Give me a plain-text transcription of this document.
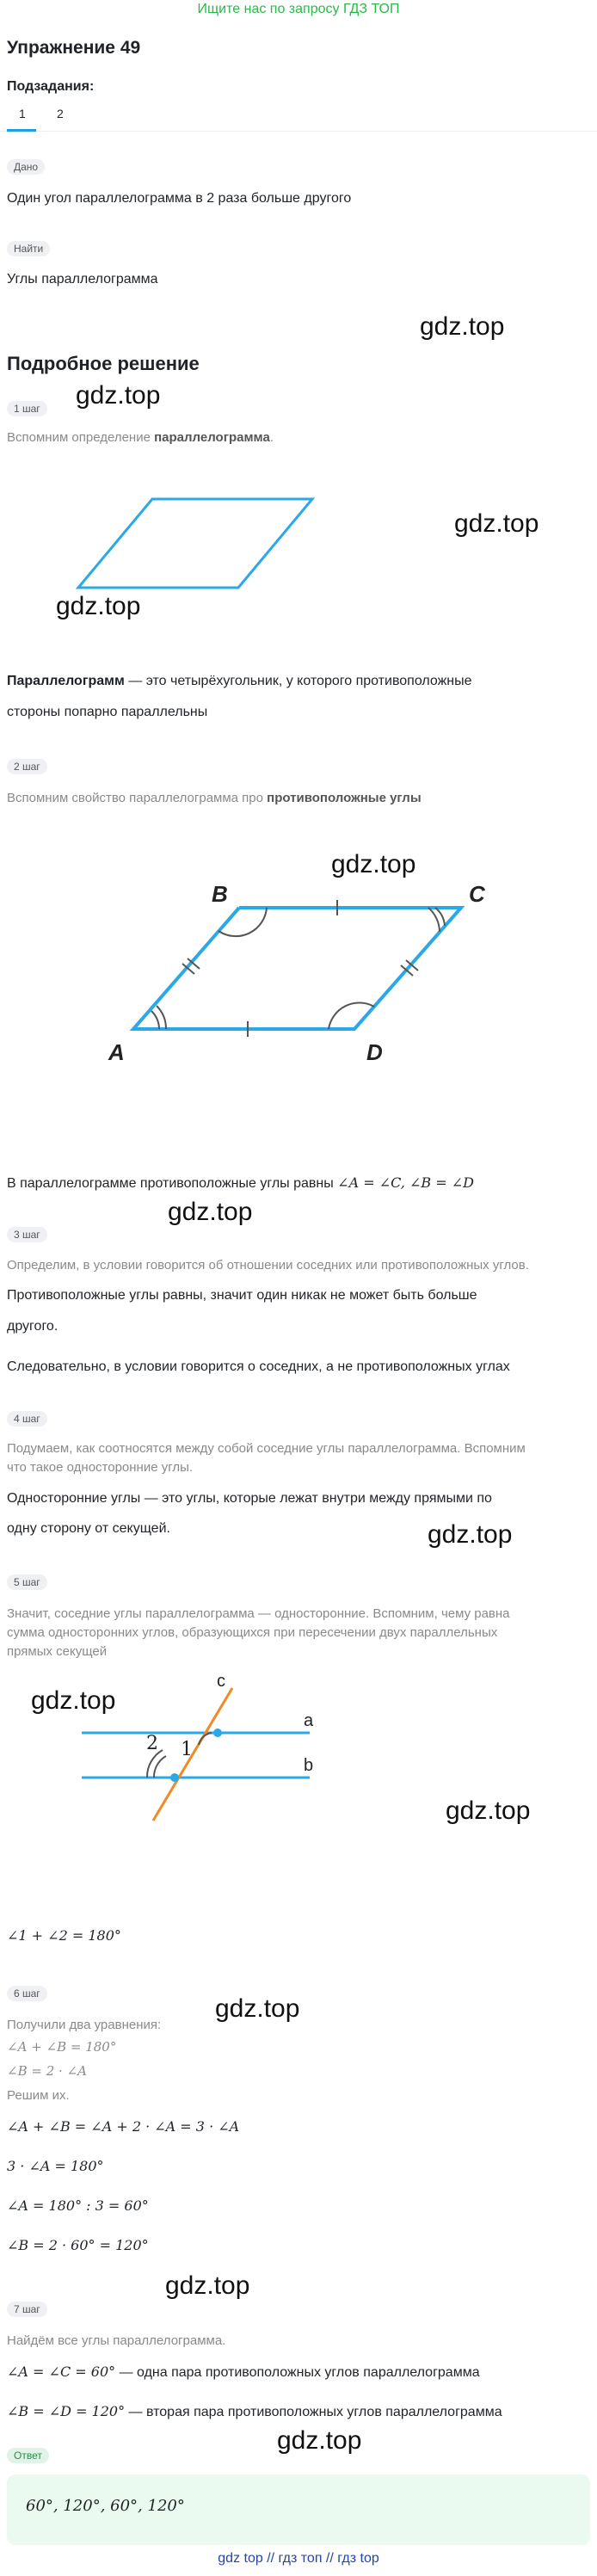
Ищите нас по запросу ГДЗ ТОП
Упражнение 49
Подзадания:
1	2
Дано
Один угол параллелограмма в 2 раза больше другого
Найти
Углы параллелограмма
gdz.top
Подробное решение
gdz.top
1 шаг
Вспомним определение параллелограмма.
gdz.top
gdz.top
Параллелограмм — это четырёхугольник, у которого противоположные
стороны попарно параллельны
2 шаг
Вспомним свойство параллелограмма про противоположные углы
gdz.top
B	C
A	D
В параллелограмме противоположные углы равны ∠A = ∠C, ∠B = ∠D
gdz.top
3 шаг
Определим, в условии говорится об отношении соседних или противоположных углов.
Противоположные углы равны, значит один никак не может быть больше
другого.
Следовательно, в условии говорится о соседних, а не противоположных углах
4 шаг
Подумаем, как соотносятся между собой соседние углы параллелограмма. Вспомним
что такое односторонние углы.
Односторонние углы — это углы, которые лежат внутри между прямыми по
одну сторону от секущей.	gdz.top
5 шаг
Значит, соседние углы параллелограмма — односторонние. Вспомним, чему равна
сумма односторонних углов, образующихся при пересечении двух параллельных
прямых секущей
gdz.top
c
a
b
1
2
gdz.top
∠1 + ∠2 = 180°
6 шаг
gdz.top
Получили два уравнения:
∠A + ∠B = 180°
∠B = 2 · ∠A
Решим их.
∠A + ∠B = ∠A + 2 · ∠A = 3 · ∠A
3 · ∠A = 180°
∠A = 180° : 3 = 60°
∠B = 2 · 60° = 120°
gdz.top
7 шаг
Найдём все углы параллелограмма.
∠A = ∠C = 60° — одна пара противоположных углов параллелограмма
∠B = ∠D = 120° — вторая пара противоположных углов параллелограмма
gdz.top
Ответ
60°, 120°, 60°, 120°
gdz top // гдз топ // гдз top
